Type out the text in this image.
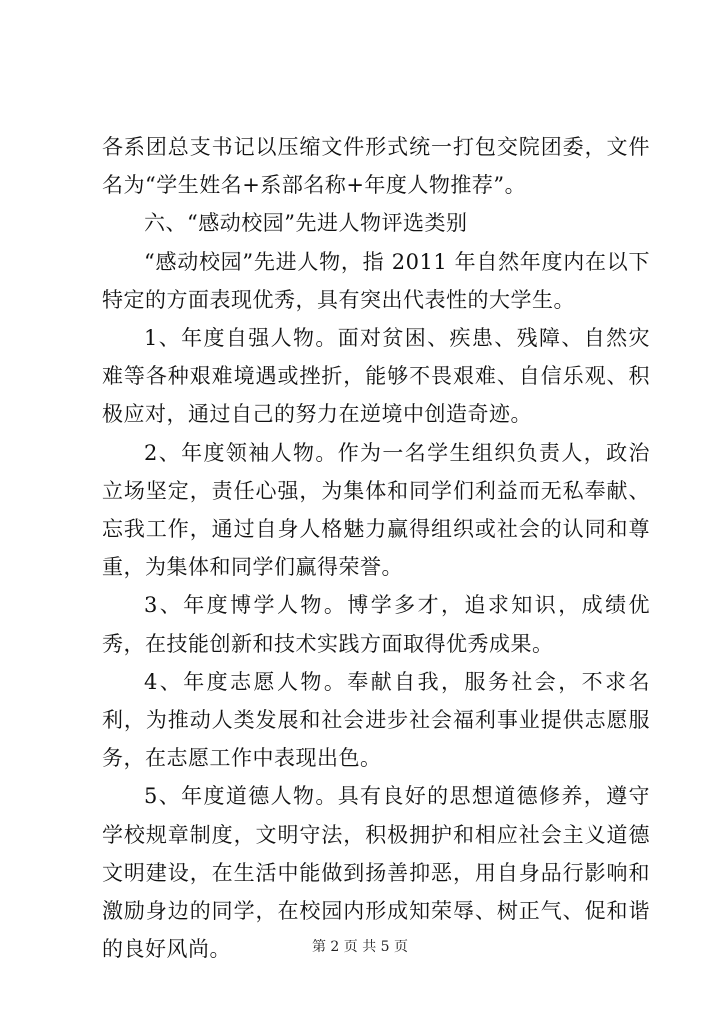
各系团总支书记以压缩文件形式统一打包交院团委，文件名为“学生姓名+系部名称+年度人物推荐”。

六、“感动校园”先进人物评选类别

“感动校园”先进人物，指 2011 年自然年度内在以下特定的方面表现优秀，具有突出代表性的大学生。

1、年度自强人物。面对贫困、疾患、残障、自然灾难等各种艰难境遇或挫折，能够不畏艰难、自信乐观、积极应对，通过自己的努力在逆境中创造奇迹。

2、年度领袖人物。作为一名学生组织负责人，政治立场坚定，责任心强，为集体和同学们利益而无私奉献、忘我工作，通过自身人格魅力赢得组织或社会的认同和尊重，为集体和同学们赢得荣誉。

3、年度博学人物。博学多才，追求知识，成绩优秀，在技能创新和技术实践方面取得优秀成果。

4、年度志愿人物。奉献自我，服务社会，不求名利，为推动人类发展和社会进步社会福利事业提供志愿服务，在志愿工作中表现出色。

5、年度道德人物。具有良好的思想道德修养，遵守学校规章制度，文明守法，积极拥护和相应社会主义道德文明建设，在生活中能做到扬善抑恶，用自身品行影响和激励身边的同学，在校园内形成知荣辱、树正气、促和谐的良好风尚。	第 2 页 共 5 页
